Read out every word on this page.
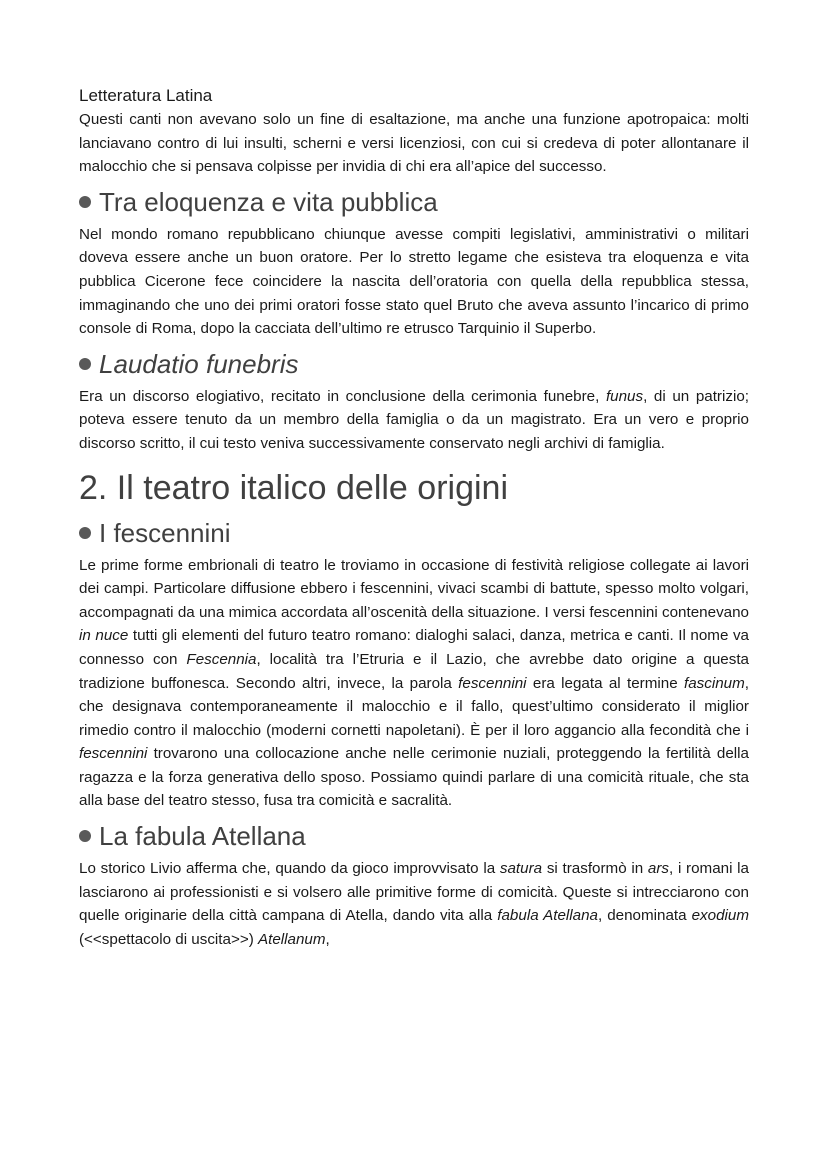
Letteratura Latina

Questi canti non avevano solo un fine di esaltazione, ma anche una funzione apotropaica: molti lanciavano contro di lui insulti, scherni e versi licenziosi, con cui si credeva di poter allontanare il malocchio che si pensava colpisse per invidia di chi era all’apice del successo.

Tra eloquenza e vita pubblica

Nel mondo romano repubblicano chiunque avesse compiti legislativi, amministrativi o militari doveva essere anche un buon oratore. Per lo stretto legame che esisteva tra eloquenza e vita pubblica Cicerone fece coincidere la nascita dell’oratoria con quella della repubblica stessa, immaginando che uno dei primi oratori fosse stato quel Bruto che aveva assunto l’incarico di primo console di Roma, dopo la cacciata dell’ultimo re etrusco Tarquinio il Superbo.

Laudatio funebris

Era un discorso elogiativo, recitato in conclusione della cerimonia funebre, funus, di un patrizio; poteva essere tenuto da un membro della famiglia o da un magistrato. Era un vero e proprio discorso scritto, il cui testo veniva successivamente conservato negli archivi di famiglia.

2. Il teatro italico delle origini
I fescennini

Le prime forme embrionali di teatro le troviamo in occasione di festività religiose collegate ai lavori dei campi. Particolare diffusione ebbero i fescennini, vivaci scambi di battute, spesso molto volgari, accompagnati da una mimica accordata all’oscenità della situazione. I versi fescennini contenevano in nuce tutti gli elementi del futuro teatro romano: dialoghi salaci, danza, metrica e canti. Il nome va connesso con Fescennia, località tra l’Etruria e il Lazio, che avrebbe dato origine a questa tradizione buffonesca. Secondo altri, invece, la parola fescennini era legata al termine fascinum, che designava contemporaneamente il malocchio e il fallo, quest’ultimo considerato il miglior rimedio contro il malocchio (moderni cornetti napoletani). È per il loro aggancio alla fecondità che i fescennini trovarono una collocazione anche nelle cerimonie nuziali, proteggendo la fertilità della ragazza e la forza generativa dello sposo. Possiamo quindi parlare di una comicità rituale, che sta alla base del teatro stesso, fusa tra comicità e sacralità.

La fabula Atellana

Lo storico Livio afferma che, quando da gioco improvvisato la satura si trasformò in ars, i romani la lasciarono ai professionisti e si volsero alle primitive forme di comicità. Queste si intrecciarono con quelle originarie della città campana di Atella, dando vita alla fabula Atellana, denominata exodium (<<spettacolo di uscita>>) Atellanum,
